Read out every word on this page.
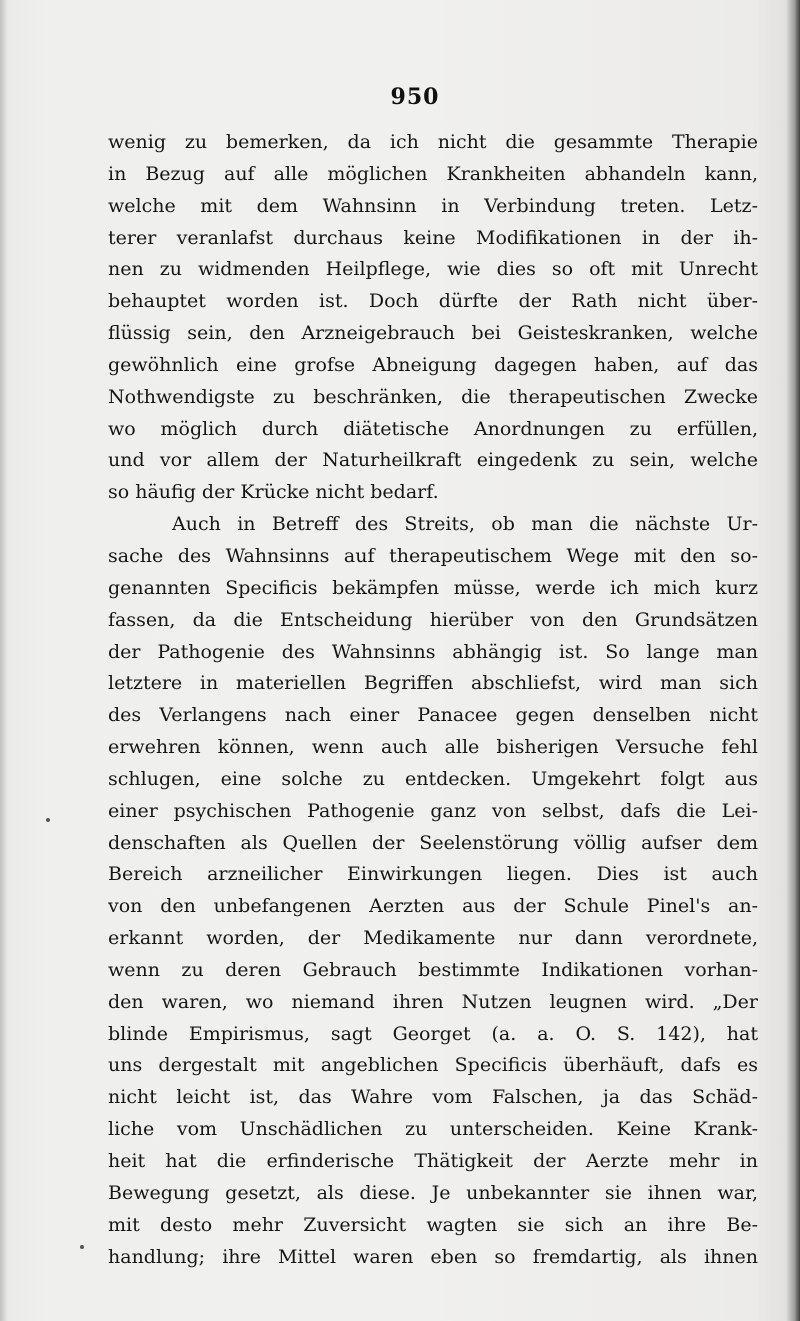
950
wenig zu bemerken, da ich nicht die gesammte Therapie
in Bezug auf alle möglichen Krankheiten abhandeln kann,
welche mit dem Wahnsinn in Verbindung treten. Letz-
terer veranlafst durchaus keine Modifikationen in der ih-
nen zu widmenden Heilpflege, wie dies so oft mit Unrecht
behauptet worden ist. Doch dürfte der Rath nicht über-
flüssig sein, den Arzneigebrauch bei Geisteskranken, welche
gewöhnlich eine grofse Abneigung dagegen haben, auf das
Nothwendigste zu beschränken, die therapeutischen Zwecke
wo möglich durch diätetische Anordnungen zu erfüllen,
und vor allem der Naturheilkraft eingedenk zu sein, welche
so häufig der Krücke nicht bedarf.
Auch in Betreff des Streits, ob man die nächste Ur-
sache des Wahnsinns auf therapeutischem Wege mit den so-
genannten Specificis bekämpfen müsse, werde ich mich kurz
fassen, da die Entscheidung hierüber von den Grundsätzen
der Pathogenie des Wahnsinns abhängig ist. So lange man
letztere in materiellen Begriffen abschliefst, wird man sich
des Verlangens nach einer Panacee gegen denselben nicht
erwehren können, wenn auch alle bisherigen Versuche fehl
schlugen, eine solche zu entdecken. Umgekehrt folgt aus
einer psychischen Pathogenie ganz von selbst, dafs die Lei-
denschaften als Quellen der Seelenstörung völlig aufser dem
Bereich arzneilicher Einwirkungen liegen. Dies ist auch
von den unbefangenen Aerzten aus der Schule Pinel's an-
erkannt worden, der Medikamente nur dann verordnete,
wenn zu deren Gebrauch bestimmte Indikationen vorhan-
den waren, wo niemand ihren Nutzen leugnen wird. „Der
blinde Empirismus, sagt Georget (a. a. O. S. 142), hat
uns dergestalt mit angeblichen Specificis überhäuft, dafs es
nicht leicht ist, das Wahre vom Falschen, ja das Schäd-
liche vom Unschädlichen zu unterscheiden. Keine Krank-
heit hat die erfinderische Thätigkeit der Aerzte mehr in
Bewegung gesetzt, als diese. Je unbekannter sie ihnen war,
mit desto mehr Zuversicht wagten sie sich an ihre Be-
handlung; ihre Mittel waren eben so fremdartig, als ihnen
